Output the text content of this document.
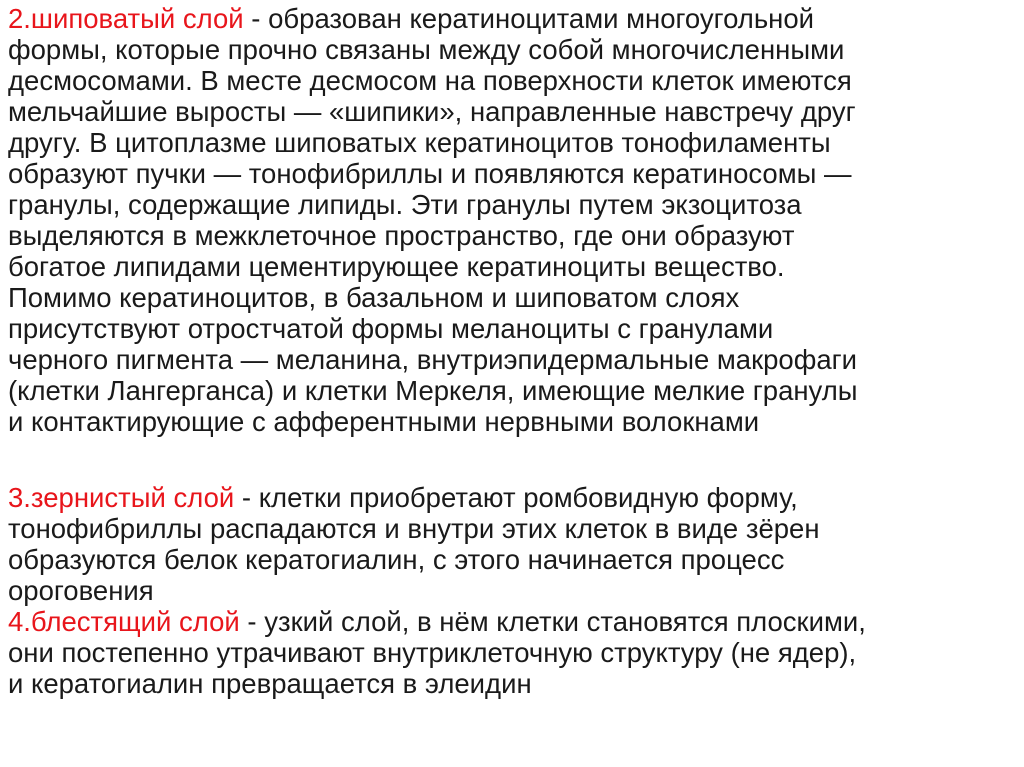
2.шиповатый слой - образован кератиноцитами многоугольной
формы, которые прочно связаны между собой многочисленными
десмосомами. В месте десмосом на поверхности клеток имеются
мельчайшие выросты — «шипики», направленные навстречу друг
другу. В цитоплазме шиповатых кератиноцитов тонофиламенты
образуют пучки — тонофибриллы и появляются кератиносомы —
гранулы, содержащие липиды. Эти гранулы путем экзоцитоза
выделяются в межклеточное пространство, где они образуют
богатое липидами цементирующее кератиноциты вещество.
Помимо кератиноцитов, в базальном и шиповатом слоях
присутствуют отростчатой формы меланоциты с гранулами
черного пигмента — меланина, внутриэпидермальные макрофаги
(клетки Лангерганса) и клетки Меркеля, имеющие мелкие гранулы
и контактирующие с афферентными нервными волокнами
3.зернистый слой - клетки приобретают ромбовидную форму,
тонофибриллы распадаются и внутри этих клеток в виде зёрен
образуются белок кератогиалин, с этого начинается процесс
ороговения
4.блестящий слой - узкий слой, в нём клетки становятся плоскими,
они постепенно утрачивают внутриклеточную структуру (не ядер),
и кератогиалин превращается в элеидин
